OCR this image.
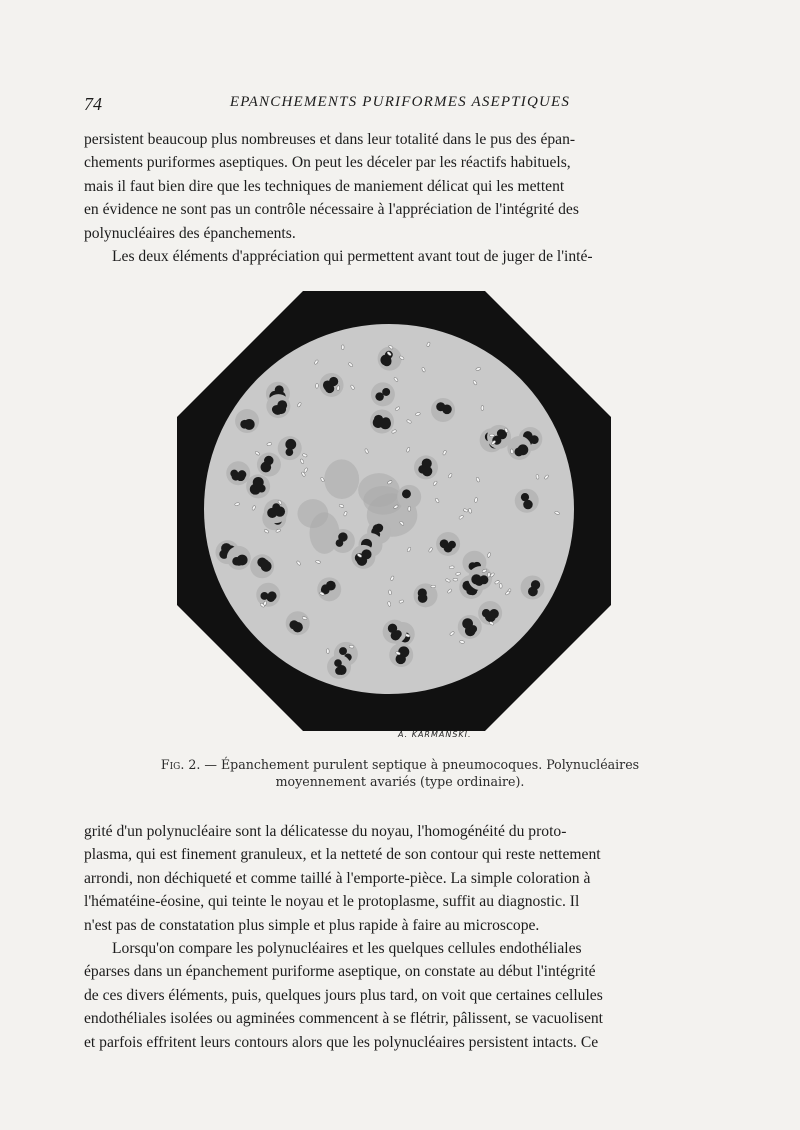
74	EPANCHEMENTS PURIFORMES ASEPTIQUES

persistent beaucoup plus nombreuses et dans leur totalité dans le pus des épan-

chements puriformes aseptiques. On peut les déceler par les réactifs habituels,

mais il faut bien dire que les techniques de maniement délicat qui les mettent

en évidence ne sont pas un contrôle nécessaire à l'appréciation de l'intégrité des

polynucléaires des épanchements.

Les deux éléments d'appréciation qui permettent avant tout de juger de l'inté-

A. KARMANSKI.
Fig. 2. — Épanchement purulent septique à pneumocoques. Polynucléaires moyennement avariés (type ordinaire).

grité d'un polynucléaire sont la délicatesse du noyau, l'homogénéité du proto-

plasma, qui est finement granuleux, et la netteté de son contour qui reste nettement

arrondi, non déchiqueté et comme taillé à l'emporte-pièce. La simple coloration à

l'hématéine-éosine, qui teinte le noyau et le protoplasme, suffit au diagnostic. Il

n'est pas de constatation plus simple et plus rapide à faire au microscope.

Lorsqu'on compare les polynucléaires et les quelques cellules endothéliales

éparses dans un épanchement puriforme aseptique, on constate au début l'intégrité

de ces divers éléments, puis, quelques jours plus tard, on voit que certaines cellules

endothéliales isolées ou agminées commencent à se flétrir, pâlissent, se vacuolisent

et parfois effritent leurs contours alors que les polynucléaires persistent intacts. Ce
